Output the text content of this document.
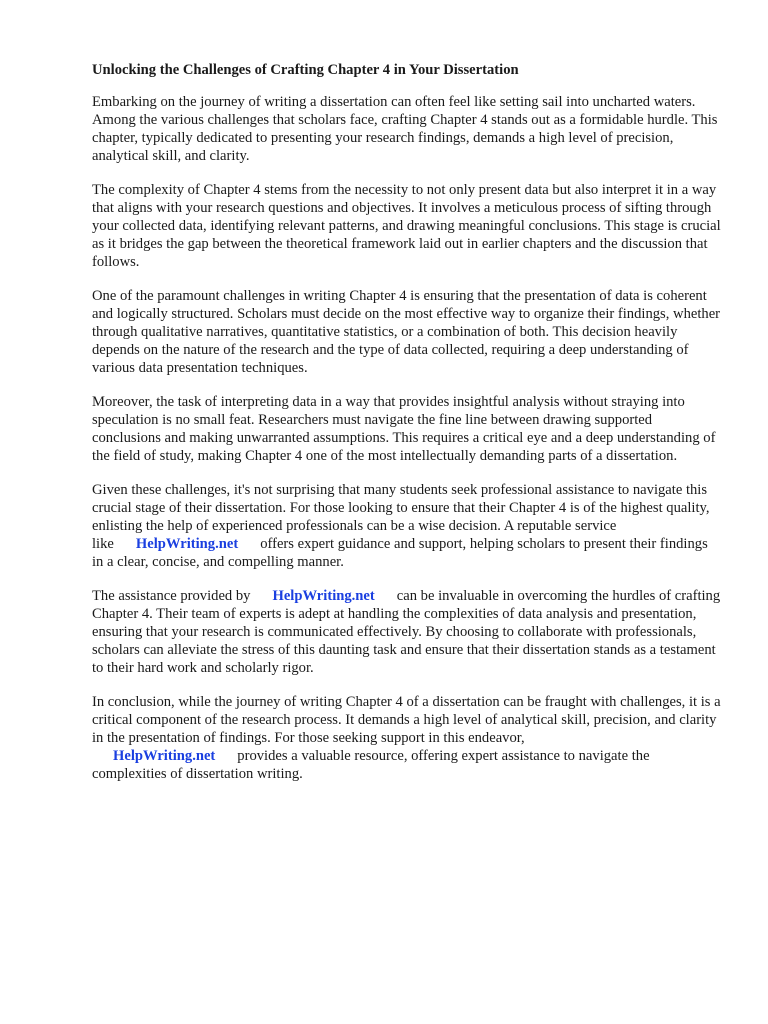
Unlocking the Challenges of Crafting Chapter 4 in Your Dissertation

Embarking on the journey of writing a dissertation can often feel like setting sail into uncharted waters. Among the various challenges that scholars face, crafting Chapter 4 stands out as a formidable hurdle. This chapter, typically dedicated to presenting your research findings, demands a high level of precision, analytical skill, and clarity.

The complexity of Chapter 4 stems from the necessity to not only present data but also interpret it in a way that aligns with your research questions and objectives. It involves a meticulous process of sifting through your collected data, identifying relevant patterns, and drawing meaningful conclusions. This stage is crucial as it bridges the gap between the theoretical framework laid out in earlier chapters and the discussion that follows.

One of the paramount challenges in writing Chapter 4 is ensuring that the presentation of data is coherent and logically structured. Scholars must decide on the most effective way to organize their findings, whether through qualitative narratives, quantitative statistics, or a combination of both. This decision heavily depends on the nature of the research and the type of data collected, requiring a deep understanding of various data presentation techniques.

Moreover, the task of interpreting data in a way that provides insightful analysis without straying into speculation is no small feat. Researchers must navigate the fine line between drawing supported conclusions and making unwarranted assumptions. This requires a critical eye and a deep understanding of the field of study, making Chapter 4 one of the most intellectually demanding parts of a dissertation.

Given these challenges, it's not surprising that many students seek professional assistance to navigate this crucial stage of their dissertation. For those looking to ensure that their Chapter 4 is of the highest quality, enlisting the help of experienced professionals can be a wise decision. A reputable service like HelpWriting.net offers expert guidance and support, helping scholars to present their findings in a clear, concise, and compelling manner.

The assistance provided by HelpWriting.net can be invaluable in overcoming the hurdles of crafting Chapter 4. Their team of experts is adept at handling the complexities of data analysis and presentation, ensuring that your research is communicated effectively. By choosing to collaborate with professionals, scholars can alleviate the stress of this daunting task and ensure that their dissertation stands as a testament to their hard work and scholarly rigor.

In conclusion, while the journey of writing Chapter 4 of a dissertation can be fraught with challenges, it is a critical component of the research process. It demands a high level of analytical skill, precision, and clarity in the presentation of findings. For those seeking support in this endeavor, HelpWriting.net provides a valuable resource, offering expert assistance to navigate the complexities of dissertation writing.
